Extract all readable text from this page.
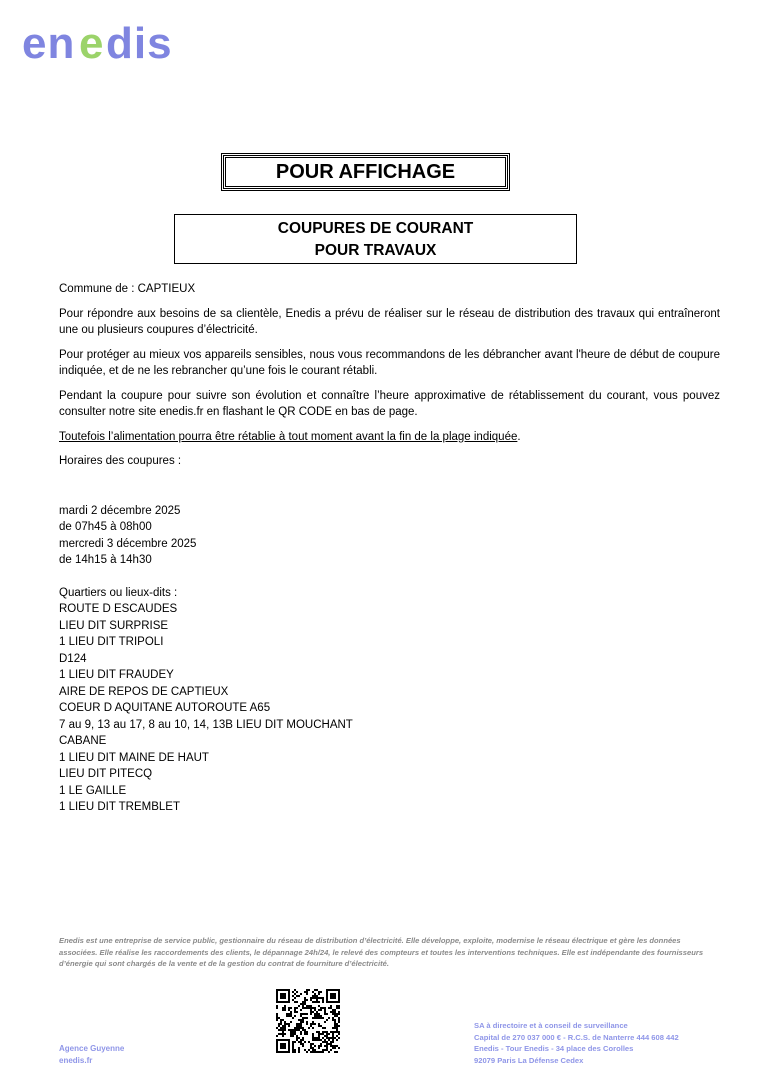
en e dis
POUR AFFICHAGE
COUPURES DE COURANT
POUR TRAVAUX

Commune de : CAPTIEUX

Pour répondre aux besoins de sa clientèle, Enedis a prévu de réaliser sur le réseau de distribution des travaux qui entraîneront une ou plusieurs coupures d’électricité.

Pour protéger au mieux vos appareils sensibles, nous vous recommandons de les débrancher avant l'heure de début de coupure indiquée, et de ne les rebrancher qu’une fois le courant rétabli.

Pendant la coupure pour suivre son évolution et connaître l’heure approximative de rétablissement du courant, vous pouvez consulter notre site enedis.fr en flashant le QR CODE en bas de page.

Toutefois l’alimentation pourra être rétablie à tout moment avant la fin de la plage indiquée.

Horaires des coupures :

mardi 2 décembre 2025
de 07h45 à 08h00
mercredi 3 décembre 2025
de 14h15 à 14h30
Quartiers ou lieux-dits :
ROUTE D ESCAUDES
LIEU DIT SURPRISE
1 LIEU DIT TRIPOLI
D124
1 LIEU DIT FRAUDEY
AIRE DE REPOS DE CAPTIEUX
COEUR D AQUITANE AUTOROUTE A65
7 au 9, 13 au 17, 8 au 10, 14, 13B LIEU DIT MOUCHANT
CABANE
1 LIEU DIT MAINE DE HAUT
LIEU DIT PITECQ
1 LE GAILLE
1 LIEU DIT TREMBLET
Enedis est une entreprise de service public, gestionnaire du réseau de distribution d’électricité. Elle développe, exploite, modernise le réseau électrique et gère les données associées. Elle réalise les raccordements des clients, le dépannage 24h/24, le relevé des compteurs et toutes les interventions techniques. Elle est indépendante des fournisseurs d’énergie qui sont chargés de la vente et de la gestion du contrat de fourniture d’électricité.
Agence Guyenne
enedis.fr
SA à directoire et à conseil de surveillance
Capital de 270 037 000 € - R.C.S. de Nanterre 444 608 442
Enedis - Tour Enedis - 34 place des Corolles
92079 Paris La Défense Cedex
